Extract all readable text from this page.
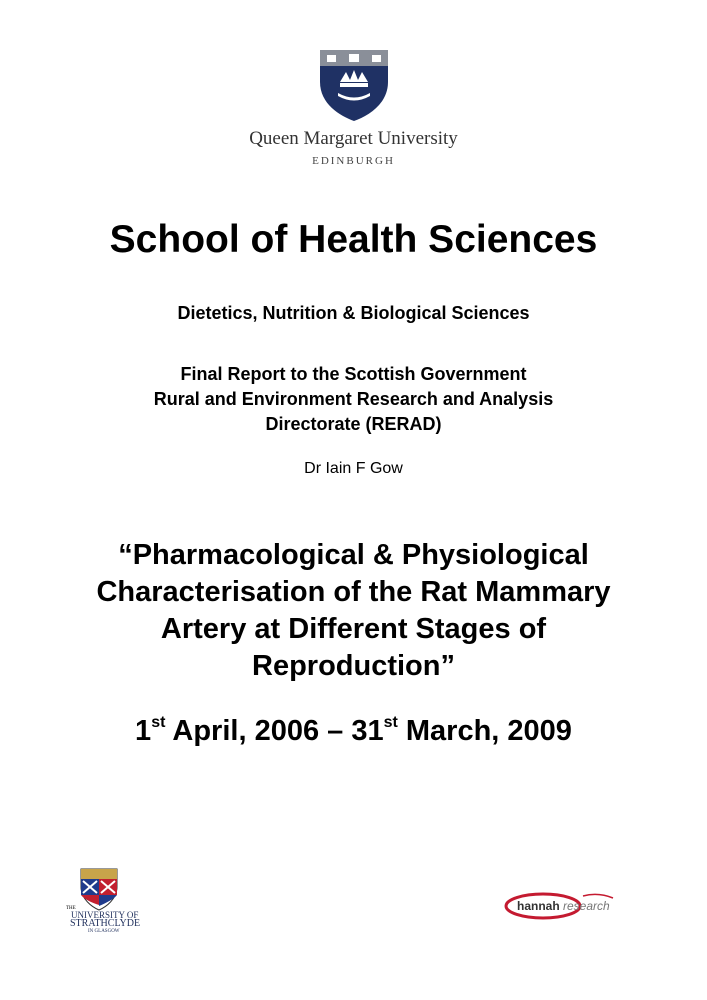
Queen Margaret University
EDINBURGH
School of Health Sciences
Dietetics, Nutrition & Biological Sciences
Final Report to the Scottish Government
Rural and Environment Research and Analysis
Directorate (RERAD)
Dr Iain F Gow
“Pharmacological & Physiological
Characterisation of the Rat Mammary
Artery at Different Stages of
Reproduction”
1st April, 2006 – 31st March, 2009
THE
UNIVERSITY OF
STRATHCLYDE
IN GLASGOW
hannah research
